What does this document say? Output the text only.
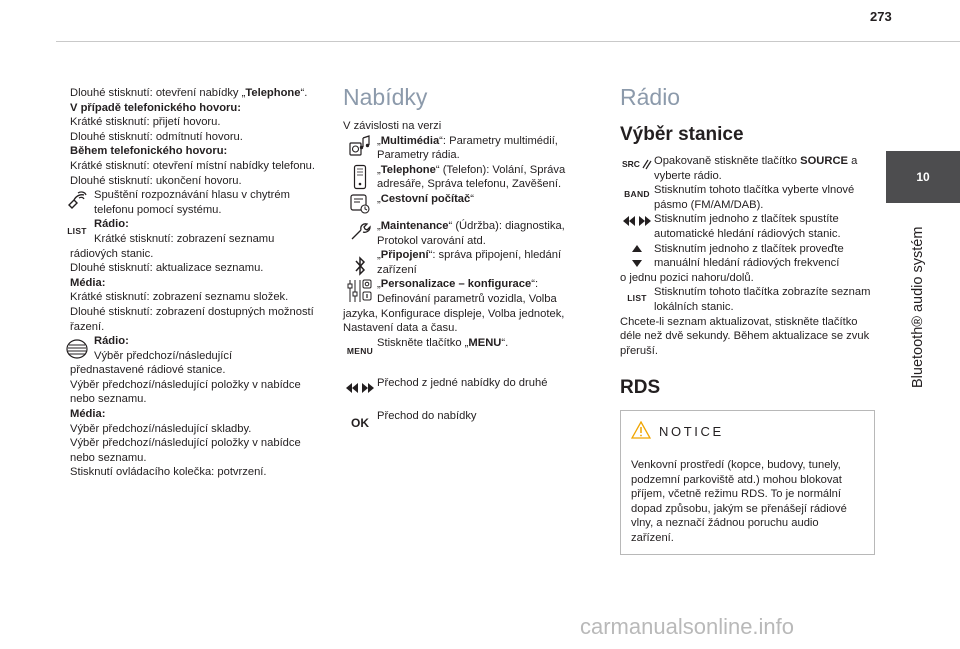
273
10
Bluetooth® audio systém

Dlouhé stisknutí: otevření nabídky „Telephone“.

V případě telefonického hovoru:

Krátké stisknutí: přijetí hovoru.

Dlouhé stisknutí: odmítnutí hovoru.

Během telefonického hovoru:

Krátké stisknutí: otevření místní nabídky telefonu.

Dlouhé stisknutí: ukončení hovoru.

Spuštění rozpoznávání hlasu v chytrém telefonu pomocí systému.
LIST

Rádio:

Krátké stisknutí: zobrazení seznamu

rádiových stanic.

Dlouhé stisknutí: aktualizace seznamu.

Média:

Krátké stisknutí: zobrazení seznamu složek.

Dlouhé stisknutí: zobrazení dostupných možností řazení.

Rádio:

Výběr předchozí/následující

přednastavené rádiové stanice.

Výběr předchozí/následující položky v nabídce nebo seznamu.

Média:

Výběr předchozí/následující skladby.

Výběr předchozí/následující položky v nabídce nebo seznamu.

Stisknutí ovládacího kolečka: potvrzení.

Nabídky

V závislosti na verzi

„Multimédia“: Parametry multimédií, Parametry rádia.
„Telephone“ (Telefon): Volání, Správa adresáře, Správa telefonu, Zavěšení.
„Cestovní počítač“
„Maintenance“ (Údržba): diagnostika, Protokol varování atd.
„Připojení“: správa připojení, hledání zařízení
„Personalizace – konfigurace“: Definování parametrů vozidla, Volba

jazyka, Konfigurace displeje, Volba jednotek, Nastavení data a času.

MENU
Stiskněte tlačítko „MENU“.
Přechod z jedné nabídky do druhé
OK Přechod do nabídky
Rádio
Výběr stanice
SRC Opakovaně stiskněte tlačítko SOURCE a vyberte rádio.
BAND Stisknutím tohoto tlačítka vyberte vlnové pásmo (FM/AM/DAB).
Stisknutím jednoho z tlačítek spustíte automatické hledání rádiových stanic.

Stisknutím jednoho z tlačítek proveďte manuální hledání rádiových frekvencí

o jednu pozici nahoru/dolů.

LIST Stisknutím tohoto tlačítka zobrazíte seznam lokálních stanic.

Chcete-li seznam aktualizovat, stiskněte tlačítko déle než dvě sekundy. Během aktualizace se zvuk přeruší.

RDS
NOTICE

Venkovní prostředí (kopce, budovy, tunely, podzemní parkoviště atd.) mohou blokovat příjem, včetně režimu RDS. To je normální dopad způsobu, jakým se přenášejí rádiové vlny, a neznačí žádnou poruchu audio zařízení.

carmanualsonline.info
